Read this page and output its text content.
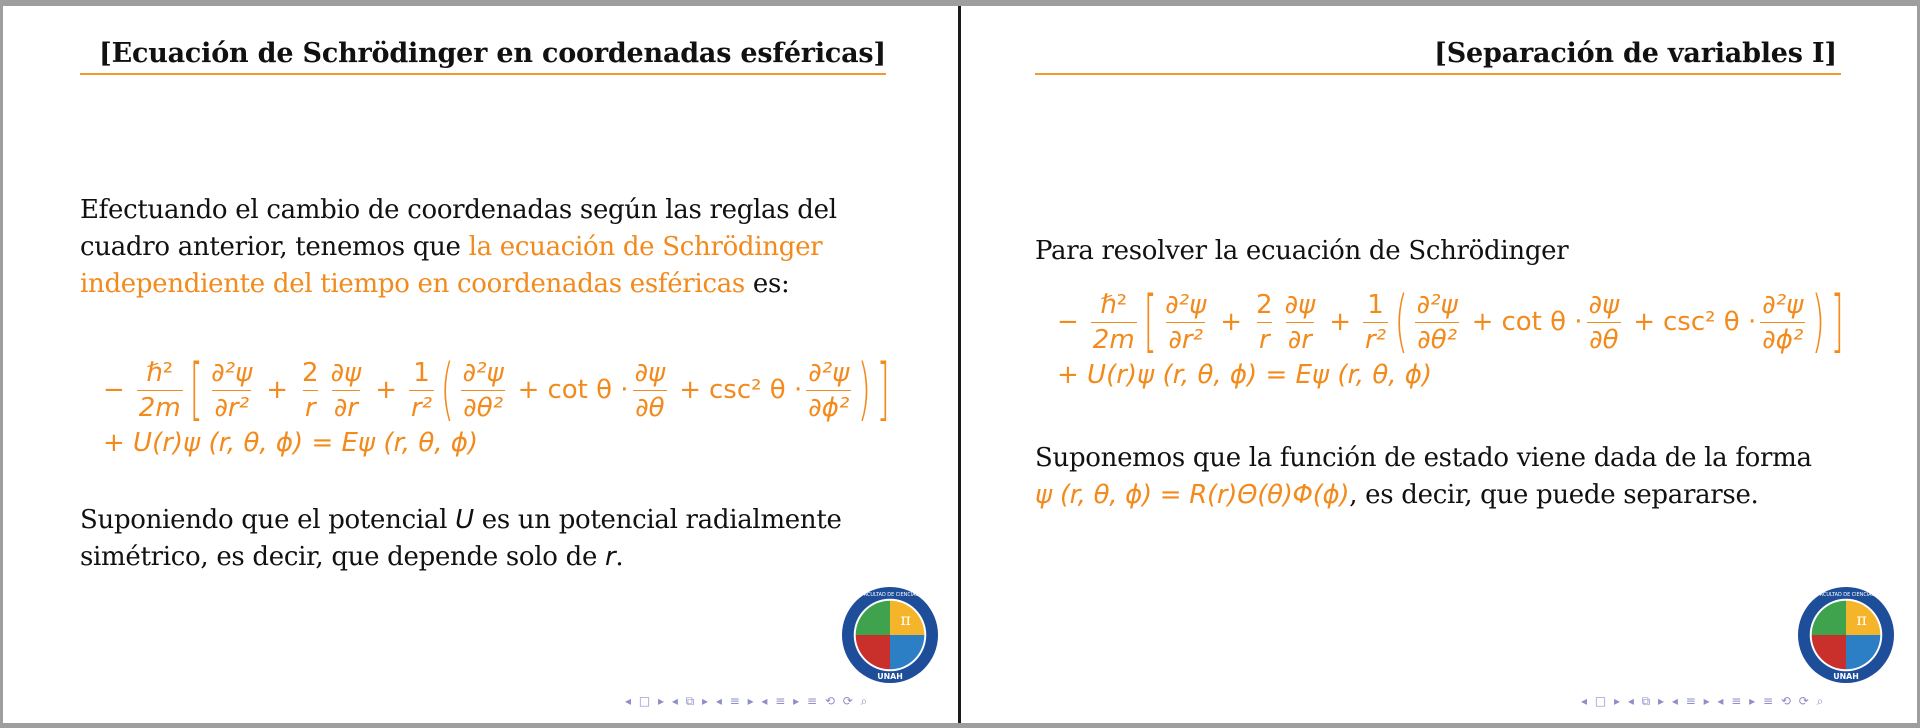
[Ecuación de Schrödinger en coordenadas esféricas]
Efectuando el cambio de coordenadas según las reglas del cuadro anterior, tenemos que la ecuación de Schrödinger independiente del tiempo en coordenadas esféricas es:
− $\frac{\text{ℏ²}}{2m}$ [ $\frac{\text{∂²ψ}}{\text{∂r²}} + \frac{2}{r} \frac{\partial\psi}{\partial r} + \frac{1}{\text{r²}}$ ( $\frac{\text{∂²ψ}}{\text{∂θ²}} + \cot \theta \cdot \frac{\partial\psi}{\partial\theta} + \csc^2$ $\theta \cdot \frac{\text{∂²ψ}}{\text{∂ϕ²}}$ ) ]
+ U(r)ψ (r, θ, ϕ) = Eψ (r, θ, ϕ)
Suponiendo que el potencial U es un potencial radialmente simétrico, es decir, que depende solo de r.
π
UNAH
FACULTAD DE CIENCIAS
◂ □ ▸ ◂ ⧉ ▸ ◂ ≡ ▸ ◂ ≡ ▸ ≡ ⟲ ⟳ ⌕
[Separación de variables I]
Para resolver la ecuación de Schrödinger
− $\frac{\text{ℏ²}}{2m}$ [ $\frac{\text{∂²ψ}}{\text{∂r²}} + \frac{2}{r} \frac{\partial\psi}{\partial r} + \frac{1}{\text{r²}}$ ( $\frac{\text{∂²ψ}}{\text{∂θ²}} + \cot \theta \cdot \frac{\partial\psi}{\partial\theta} + \csc^2$ $\theta \cdot \frac{\text{∂²ψ}}{\text{∂ϕ²}}$ ) ]
+ U(r)ψ (r, θ, ϕ) = Eψ (r, θ, ϕ)
Suponemos que la función de estado viene dada de la forma
ψ (r, θ, ϕ) = R(r)Θ(θ)Φ(ϕ), es decir, que puede separarse.
π
UNAH
FACULTAD DE CIENCIAS
◂ □ ▸ ◂ ⧉ ▸ ◂ ≡ ▸ ◂ ≡ ▸ ≡ ⟲ ⟳ ⌕
